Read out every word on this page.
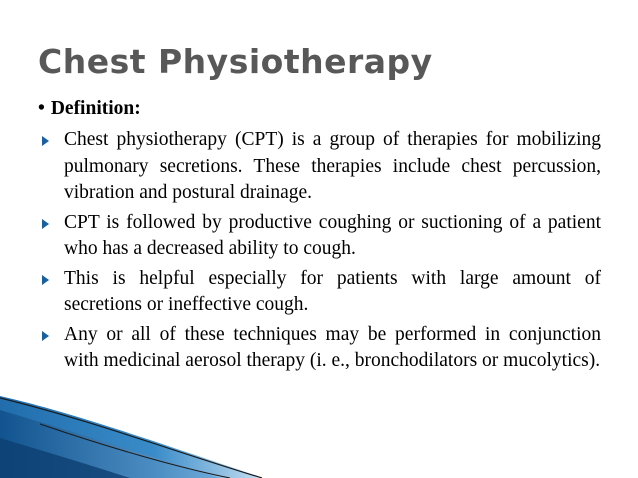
Chest Physiotherapy
• Definition:
Chest physiotherapy (CPT) is a group of therapies for mobilizing pulmonary secretions. These therapies include chest percussion, vibration and postural drainage.
CPT is followed by productive coughing or suctioning of a patient who has a decreased ability to cough.
This is helpful especially for patients with large amount of secretions or ineffective cough.
Any or all of these techniques may be performed in conjunction with medicinal aerosol therapy (i. e., bronchodilators or mucolytics).
